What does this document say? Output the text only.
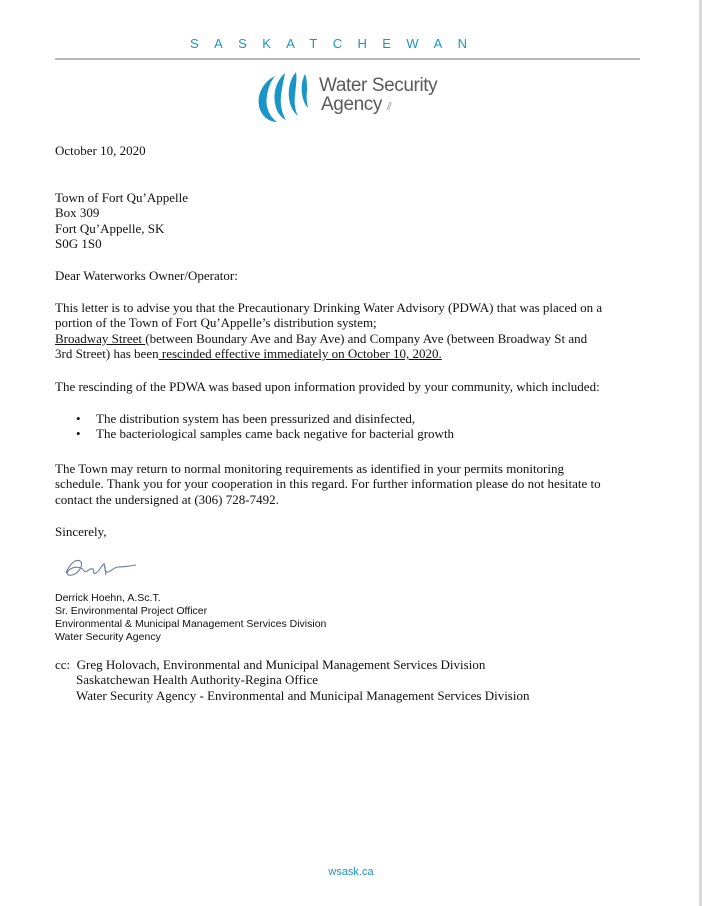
SASKATCHEWAN
Water Security
Agency ⫽
October 10, 2020
Town of Fort Qu’Appelle
Box 309
Fort Qu’Appelle, SK
S0G 1S0
Dear Waterworks Owner/Operator:
This letter is to advise you that the Precautionary Drinking Water Advisory (PDWA) that was placed on a
portion of the Town of Fort Qu’Appelle’s distribution system;
Broadway Street (between Boundary Ave and Bay Ave) and Company Ave (between Broadway St and
3rd Street) has been rescinded effective immediately on October 10, 2020.
The rescinding of the PDWA was based upon information provided by your community, which included:
• The distribution system has been pressurized and disinfected,
• The bacteriological samples came back negative for bacterial growth
The Town may return to normal monitoring requirements as identified in your permits monitoring
schedule. Thank you for your cooperation in this regard. For further information please do not hesitate to
contact the undersigned at (306) 728-7492.
Sincerely,
Derrick Hoehn, A.Sc.T.
Sr. Environmental Project Officer
Environmental & Municipal Management Services Division
Water Security Agency
cc: Greg Holovach, Environmental and Municipal Management Services Division
Saskatchewan Health Authority-Regina Office
Water Security Agency - Environmental and Municipal Management Services Division
wsask.ca
